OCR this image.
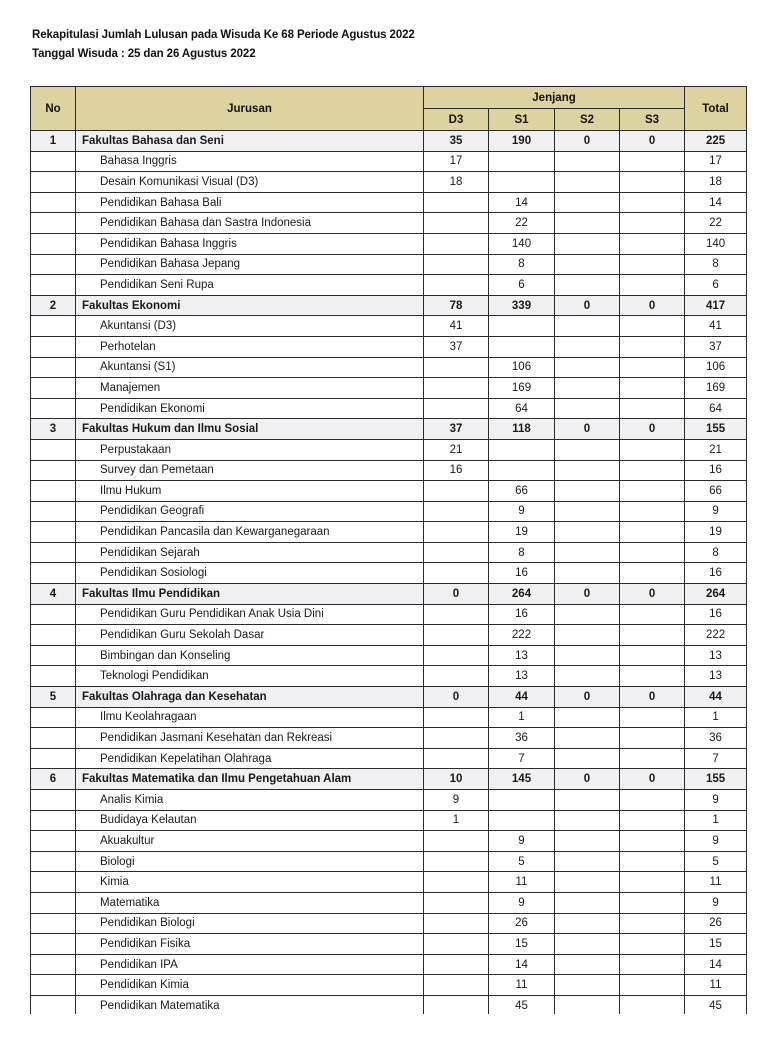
Rekapitulasi Jumlah Lulusan pada Wisuda Ke 68 Periode Agustus 2022
Tanggal Wisuda : 25 dan 26 Agustus 2022
No	Jurusan	Jenjang				Total
		D3	S1	S2	S3	
1	Fakultas Bahasa dan Seni	35	190	0	0	225
	Bahasa Inggris	17				17
	Desain Komunikasi Visual (D3)	18				18
	Pendidikan Bahasa Bali		14			14
	Pendidikan Bahasa dan Sastra Indonesia		22			22
	Pendidikan Bahasa Inggris		140			140
	Pendidikan Bahasa Jepang		8			8
	Pendidikan Seni Rupa		6			6
2	Fakultas Ekonomi	78	339	0	0	417
	Akuntansi (D3)	41				41
	Perhotelan	37				37
	Akuntansi (S1)		106			106
	Manajemen		169			169
	Pendidikan Ekonomi		64			64
3	Fakultas Hukum dan Ilmu Sosial	37	118	0	0	155
	Perpustakaan	21				21
	Survey dan Pemetaan	16				16
	Ilmu Hukum		66			66
	Pendidikan Geografi		9			9
	Pendidikan Pancasila dan Kewarganegaraan		19			19
	Pendidikan Sejarah		8			8
	Pendidikan Sosiologi		16			16
4	Fakultas Ilmu Pendidikan	0	264	0	0	264
	Pendidikan Guru Pendidikan Anak Usia Dini		16			16
	Pendidikan Guru Sekolah Dasar		222			222
	Bimbingan dan Konseling		13			13
	Teknologi Pendidikan		13			13
5	Fakultas Olahraga dan Kesehatan	0	44	0	0	44
	Ilmu Keolahragaan		1			1
	Pendidikan Jasmani Kesehatan dan Rekreasi		36			36
	Pendidikan Kepelatihan Olahraga		7			7
6	Fakultas Matematika dan Ilmu Pengetahuan Alam	10	145	0	0	155
	Analis Kimia	9				9
	Budidaya Kelautan	1				1
	Akuakultur		9			9
	Biologi		5			5
	Kimia		11			11
	Matematika		9			9
	Pendidikan Biologi		26			26
	Pendidikan Fisika		15			15
	Pendidikan IPA		14			14
	Pendidikan Kimia		11			11
	Pendidikan Matematika		45			45
